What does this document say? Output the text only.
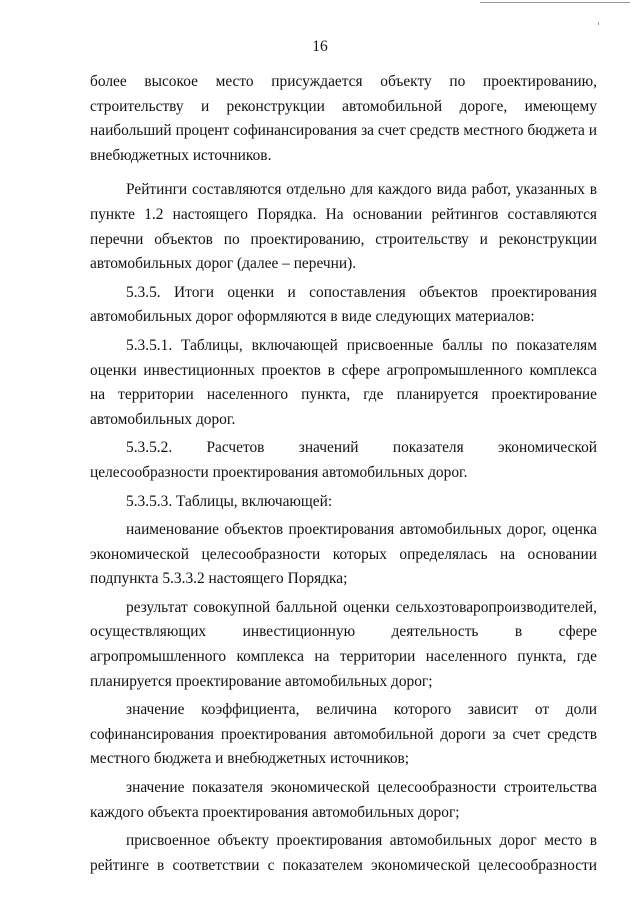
16

более высокое место присуждается объекту по проектированию, строительству и реконструкции автомобильной дороге, имеющему наибольший процент софинансирования за счет средств местного бюджета и внебюджетных источников.

Рейтинги составляются отдельно для каждого вида работ, указанных в пункте 1.2 настоящего Порядка. На основании рейтингов составляются перечни объектов по проектированию, строительству и реконструкции автомобильных дорог (далее – перечни).

5.3.5. Итоги оценки и сопоставления объектов проектирования автомобильных дорог оформляются в виде следующих материалов:

5.3.5.1. Таблицы, включающей присвоенные баллы по показателям оценки инвестиционных проектов в сфере агропромышленного комплекса на территории населенного пункта, где планируется проектирование автомобильных дорог.

5.3.5.2. Расчетов значений показателя экономической целесообразности проектирования автомобильных дорог.

5.3.5.3. Таблицы, включающей:

наименование объектов проектирования автомобильных дорог, оценка экономической целесообразности которых определялась на основании подпункта 5.3.3.2 настоящего Порядка;

результат совокупной балльной оценки сельхозтоваропроизводителей, осуществляющих инвестиционную деятельность в сфере агропромышленного комплекса на территории населенного пункта, где планируется проектирование автомобильных дорог;

значение коэффициента, величина которого зависит от доли софинансирования проектирования автомобильной дороги за счет средств местного бюджета и внебюджетных источников;

значение показателя экономической целесообразности строительства каждого объекта проектирования автомобильных дорог;

присвоенное объекту проектирования автомобильных дорог место в рейтинге в соответствии с показателем экономической целесообразности
